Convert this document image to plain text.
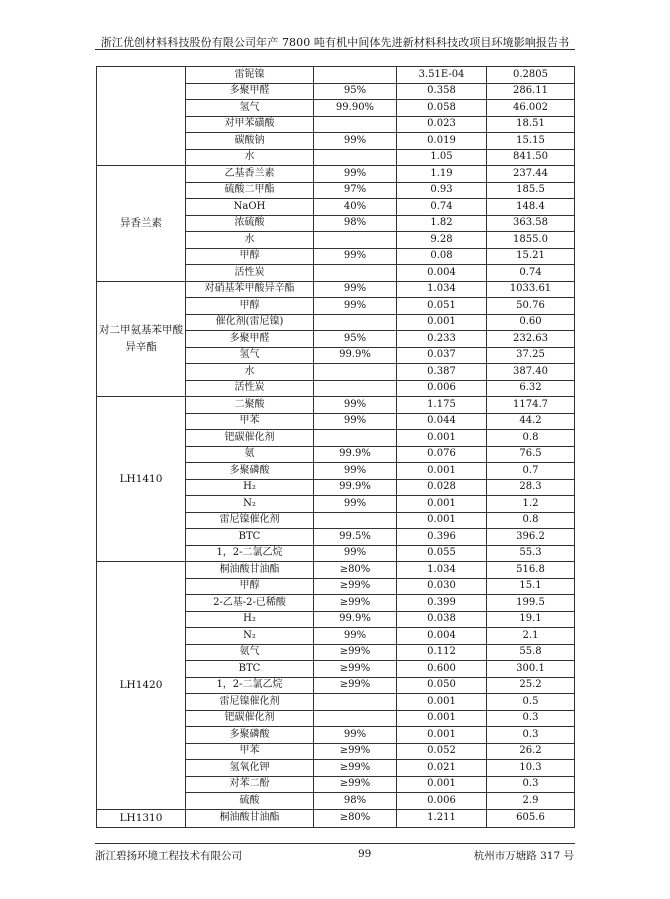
浙江优创材料科技股份有限公司年产 7800 吨有机中间体先进新材料科技改项目环境影响报告书
	雷铌镍		3.51E-04	0.2805
	多聚甲醛	95%	0.358	286.11
	氢气	99.90%	0.058	46.002
	对甲苯磺酸		0.023	18.51
	碳酸钠	99%	0.019	15.15
	水		1.05	841.50
异香兰素	乙基香兰素	99%	1.19	237.44
	硫酸二甲酯	97%	0.93	185.5
	NaOH	40%	0.74	148.4
	浓硫酸	98%	1.82	363.58
	水		9.28	1855.0
	甲醇	99%	0.08	15.21
	活性炭		0.004	0.74
对二甲氨基苯甲酸异辛酯	对硝基苯甲酸异辛酯	99%	1.034	1033.61
	甲醇	99%	0.051	50.76
	催化剂(雷尼镍)		0.001	0.60
	多聚甲醛	95%	0.233	232.63
	氢气	99.9%	0.037	37.25
	水		0.387	387.40
	活性炭		0.006	6.32
LH1410	二聚酸	99%	1.175	1174.7
	甲苯	99%	0.044	44.2
	钯碳催化剂		0.001	0.8
	氨	99.9%	0.076	76.5
	多聚磷酸	99%	0.001	0.7
	H₂	99.9%	0.028	28.3
	N₂	99%	0.001	1.2
	雷尼镍催化剂		0.001	0.8
	BTC	99.5%	0.396	396.2
	1，2-二氯乙烷	99%	0.055	55.3
LH1420	桐油酸甘油酯	≥80%	1.034	516.8
	甲醇	≥99%	0.030	15.1
	2-乙基-2-已稀酸	≥99%	0.399	199.5
	H₂	99.9%	0.038	19.1
	N₂	99%	0.004	2.1
	氨气	≥99%	0.112	55.8
	BTC	≥99%	0.600	300.1
	1，2-二氯乙烷	≥99%	0.050	25.2
	雷尼镍催化剂		0.001	0.5
	钯碳催化剂		0.001	0.3
	多聚磷酸	99%	0.001	0.3
	甲苯	≥99%	0.052	26.2
	氢氧化钾	≥99%	0.021	10.3
	对苯二酚	≥99%	0.001	0.3
	硫酸	98%	0.006	2.9
LH1310	桐油酸甘油酯	≥80%	1.211	605.6
浙江碧扬环境工程技术有限公司	99	杭州市万塘路 317 号
